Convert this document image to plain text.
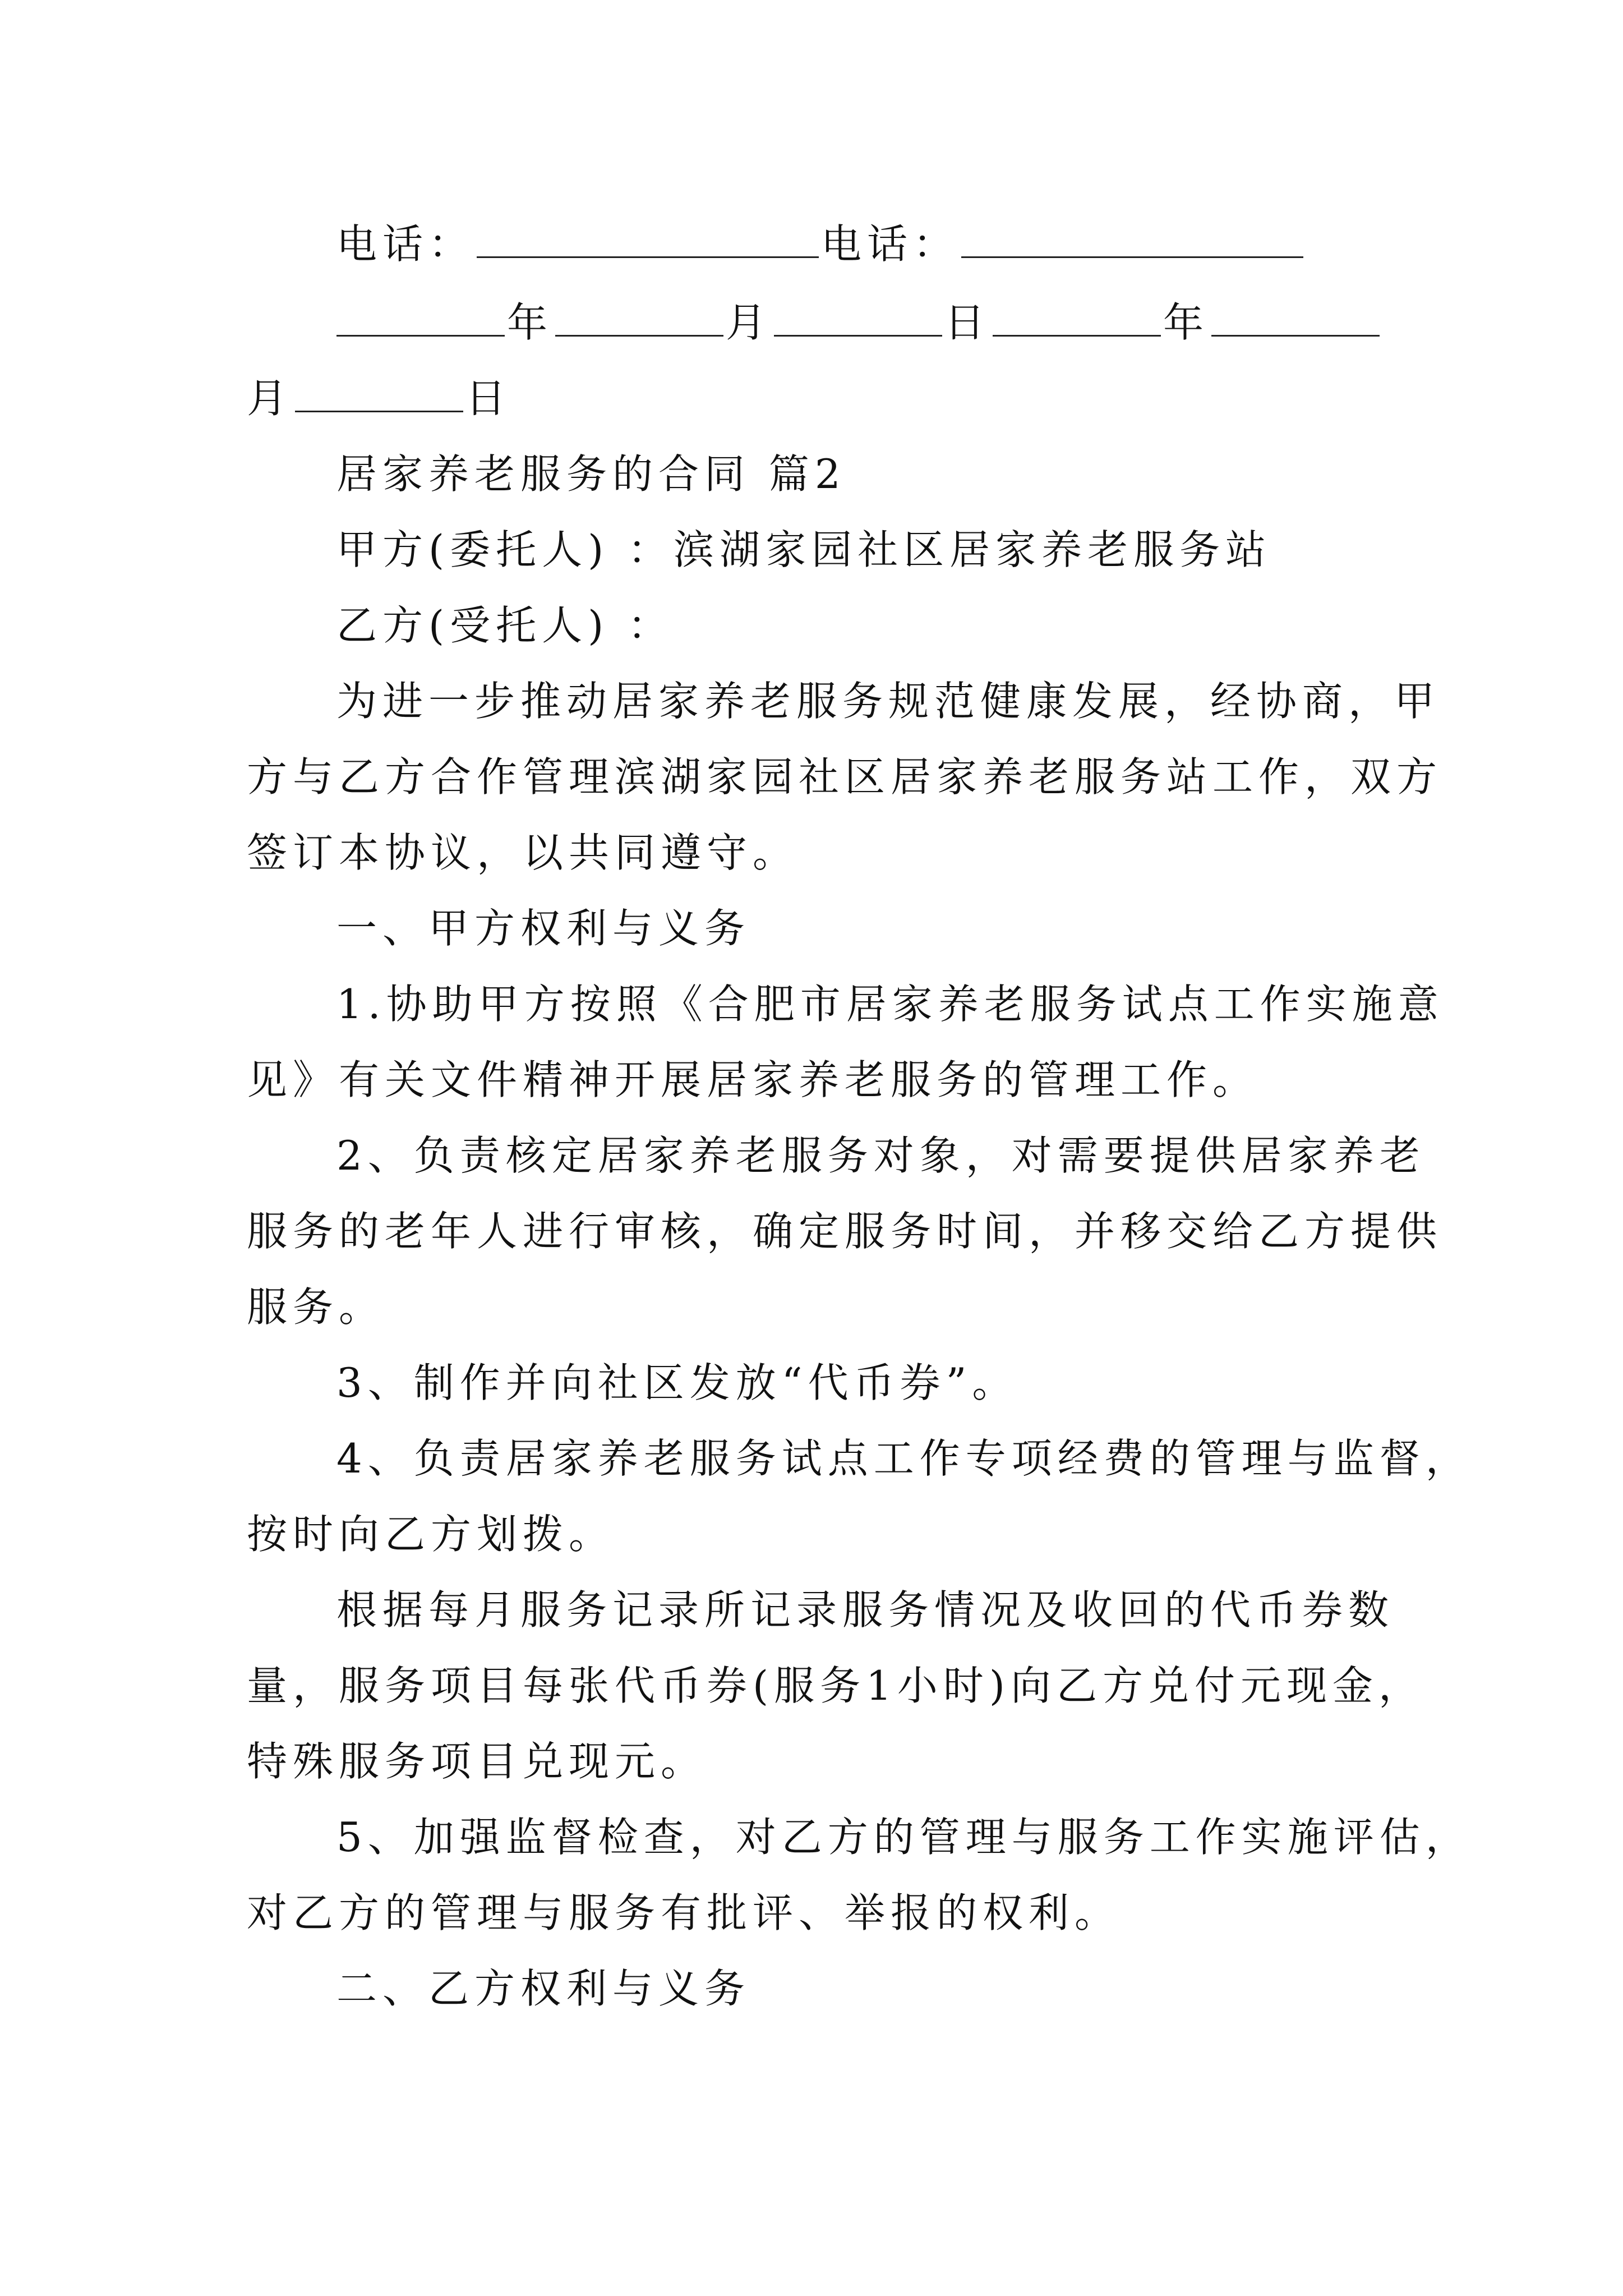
电话：	电话：
年	月	日	年
月	日
居家养老服务的合同 篇2
甲方(委托人) ：滨湖家园社区居家养老服务站
乙方(受托人) ：
为进一步推动居家养老服务规范健康发展，经协商，甲
方与乙方合作管理滨湖家园社区居家养老服务站工作，双方
签订本协议，以共同遵守。
一、甲方权利与义务
1.协助甲方按照《合肥市居家养老服务试点工作实施意
见》有关文件精神开展居家养老服务的管理工作。
2、负责核定居家养老服务对象，对需要提供居家养老
服务的老年人进行审核，确定服务时间，并移交给乙方提供
服务。
3、制作并向社区发放“代币券”。
4、负责居家养老服务试点工作专项经费的管理与监督，
按时向乙方划拨。
根据每月服务记录所记录服务情况及收回的代币券数
量，服务项目每张代币券(服务1小时)向乙方兑付元现金，
特殊服务项目兑现元。
5、加强监督检查，对乙方的管理与服务工作实施评估，
对乙方的管理与服务有批评、举报的权利。
二、乙方权利与义务
